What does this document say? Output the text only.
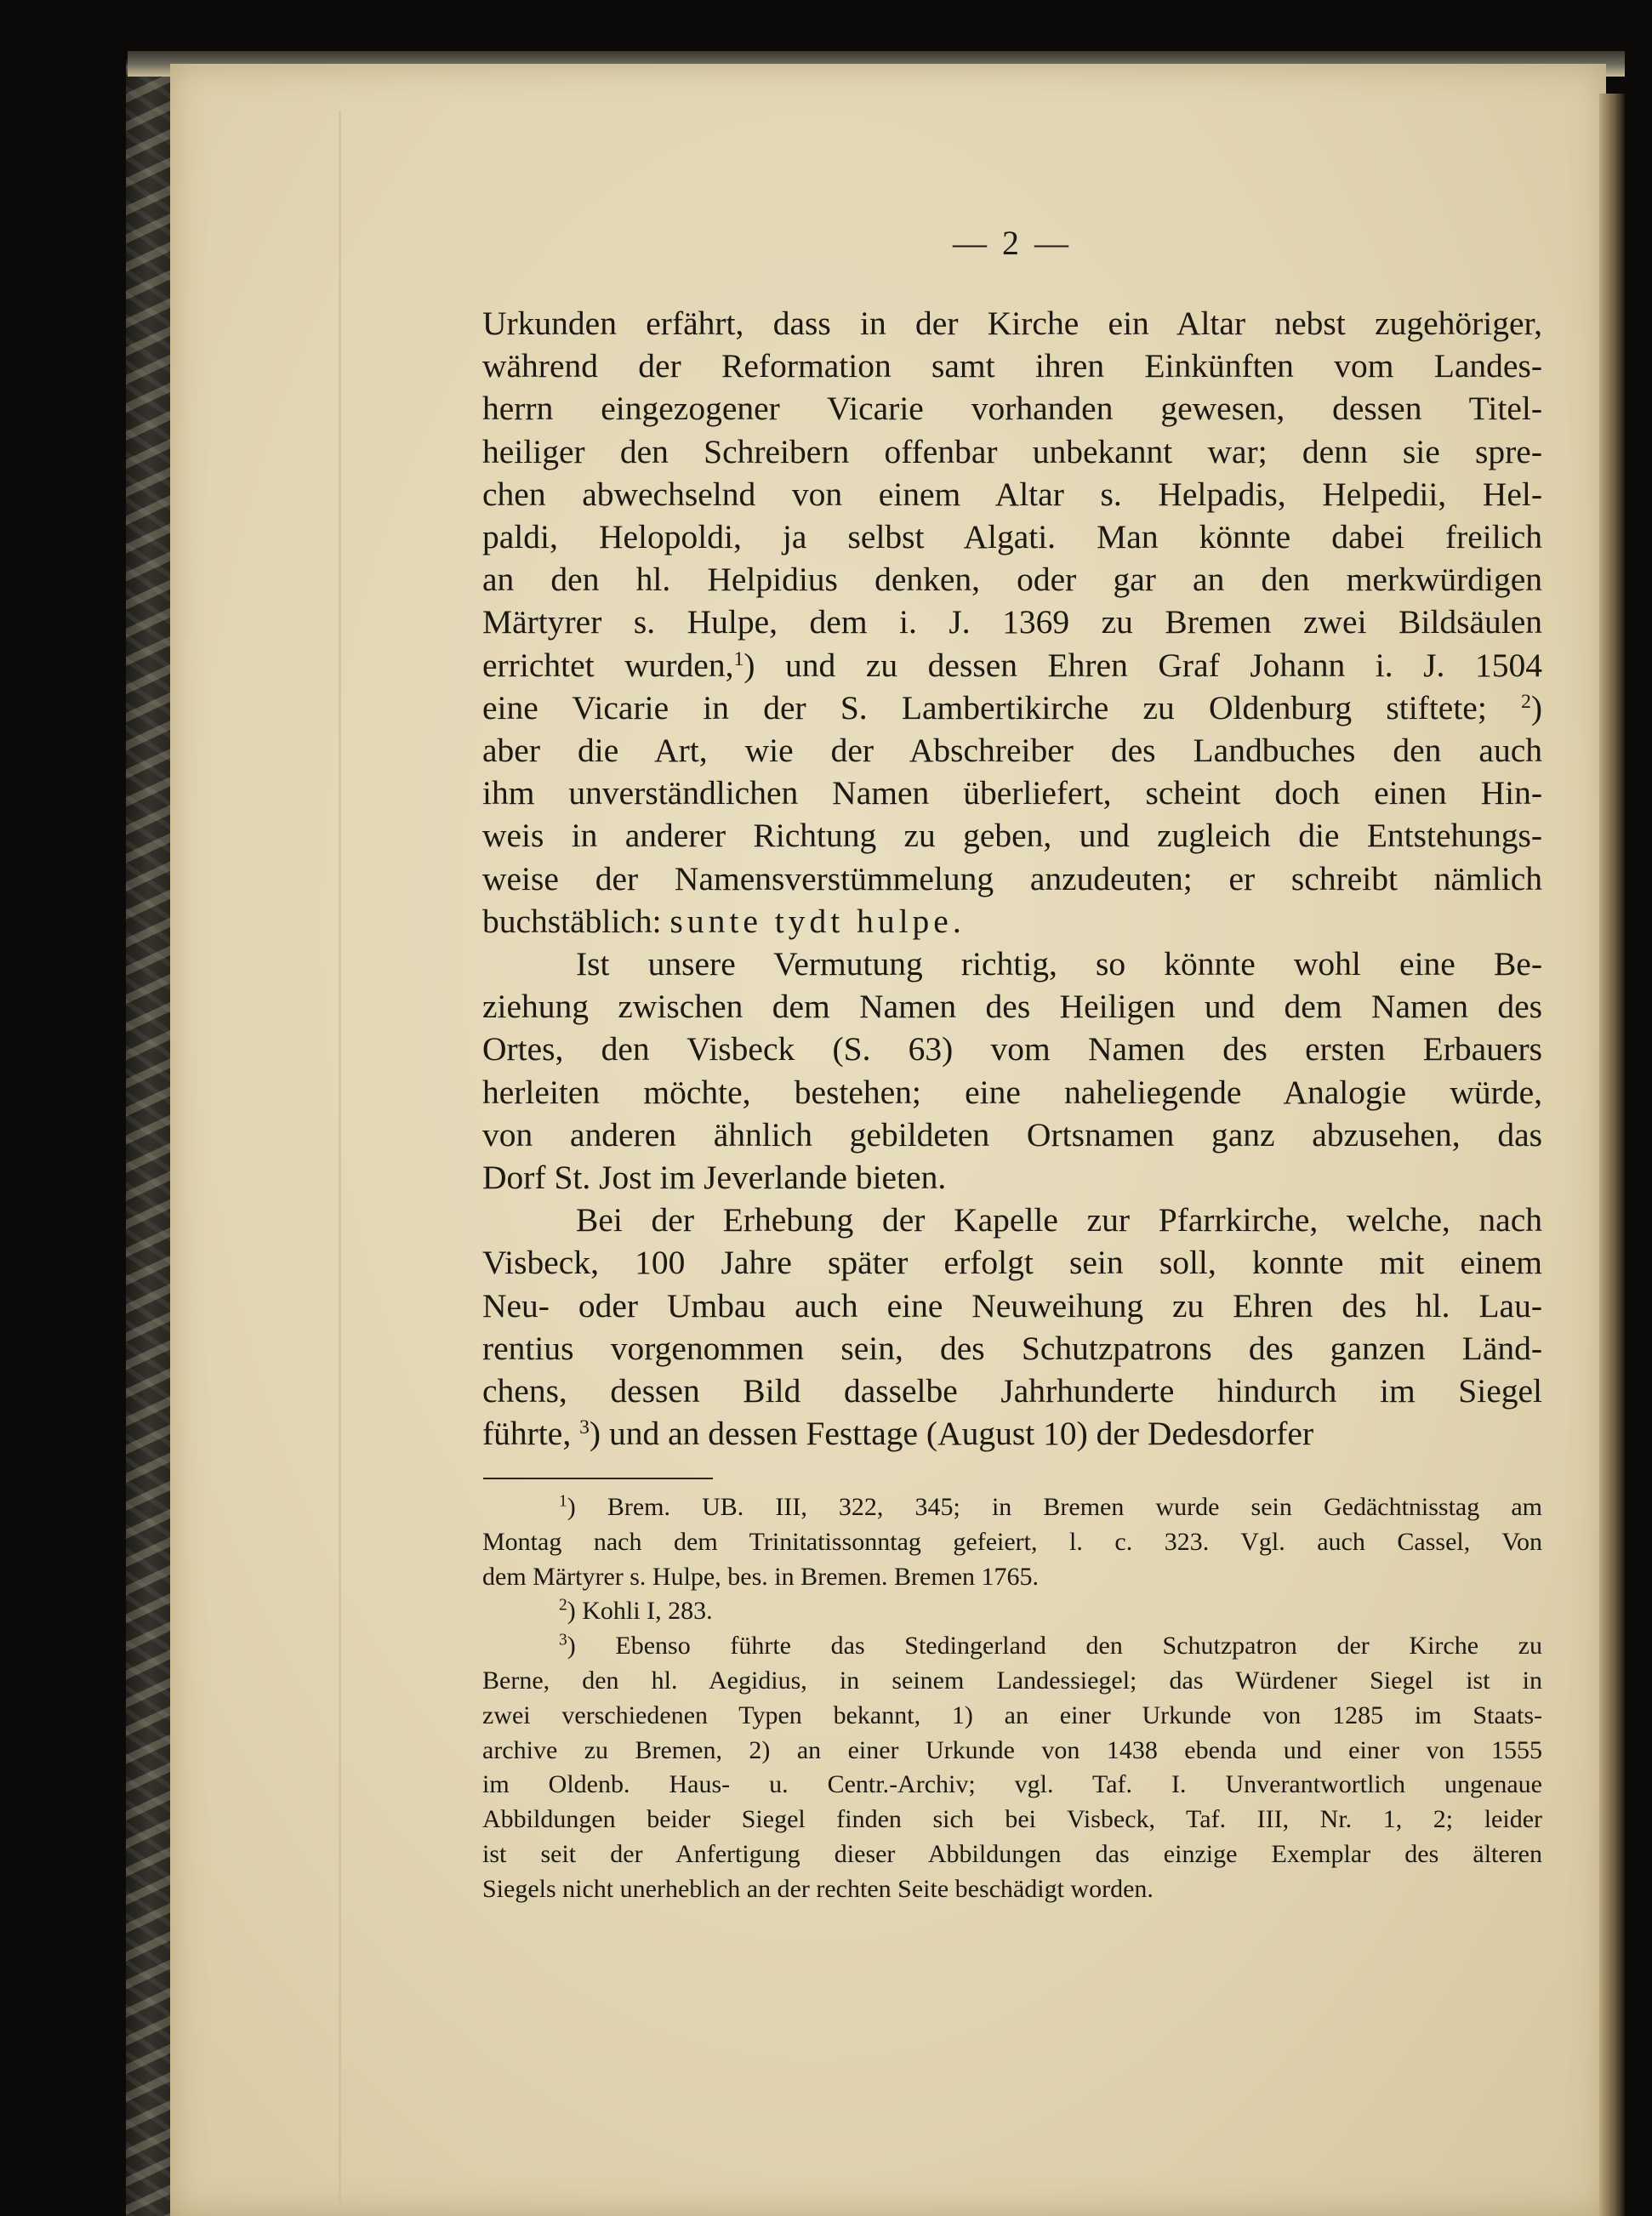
— 2 —
Urkunden erfährt, dass in der Kirche ein Altar nebst zugehöriger,
während der Reformation samt ihren Einkünften vom Landes-
herrn eingezogener Vicarie vorhanden gewesen, dessen Titel-
heiliger den Schreibern offenbar unbekannt war; denn sie spre-
chen abwechselnd von einem Altar s. Helpadis, Helpedii, Hel-
paldi, Helopoldi, ja selbst Algati. Man könnte dabei freilich
an den hl. Helpidius denken, oder gar an den merkwürdigen
Märtyrer s. Hulpe, dem i. J. 1369 zu Bremen zwei Bildsäulen
errichtet wurden,$^1$) und zu dessen Ehren Graf Johann i. J. 1504
eine Vicarie in der S. Lambertikirche zu Oldenburg stiftete; $^2$)
aber die Art, wie der Abschreiber des Landbuches den auch
ihm unverständlichen Namen überliefert, scheint doch einen Hin-
weis in anderer Richtung zu geben, und zugleich die Entstehungs-
weise der Namensverstümmelung anzudeuten; er schreibt nämlich
buchstäblich: sunte tydt hulpe.
Ist unsere Vermutung richtig, so könnte wohl eine Be-
ziehung zwischen dem Namen des Heiligen und dem Namen des
Ortes, den Visbeck (S. 63) vom Namen des ersten Erbauers
herleiten möchte, bestehen; eine naheliegende Analogie würde,
von anderen ähnlich gebildeten Ortsnamen ganz abzusehen, das
Dorf St. Jost im Jeverlande bieten.
Bei der Erhebung der Kapelle zur Pfarrkirche, welche, nach
Visbeck, 100 Jahre später erfolgt sein soll, konnte mit einem
Neu- oder Umbau auch eine Neuweihung zu Ehren des hl. Lau-
rentius vorgenommen sein, des Schutzpatrons des ganzen Länd-
chens, dessen Bild dasselbe Jahrhunderte hindurch im Siegel
führte, $^3$) und an dessen Festtage (August 10) der Dedesdorfer
$^1$) Brem. UB. III, 322, 345; in Bremen wurde sein Gedächtnisstag am
Montag nach dem Trinitatissonntag gefeiert, l. c. 323. Vgl. auch Cassel, Von
dem Märtyrer s. Hulpe, bes. in Bremen. Bremen 1765.
$^2$) Kohli I, 283.
$^3$) Ebenso führte das Stedingerland den Schutzpatron der Kirche zu
Berne, den hl. Aegidius, in seinem Landessiegel; das Würdener Siegel ist in
zwei verschiedenen Typen bekannt, 1) an einer Urkunde von 1285 im Staats-
archive zu Bremen, 2) an einer Urkunde von 1438 ebenda und einer von 1555
im Oldenb. Haus- u. Centr.-Archiv; vgl. Taf. I. Unverantwortlich ungenaue
Abbildungen beider Siegel finden sich bei Visbeck, Taf. III, Nr. 1, 2; leider
ist seit der Anfertigung dieser Abbildungen das einzige Exemplar des älteren
Siegels nicht unerheblich an der rechten Seite beschädigt worden.
